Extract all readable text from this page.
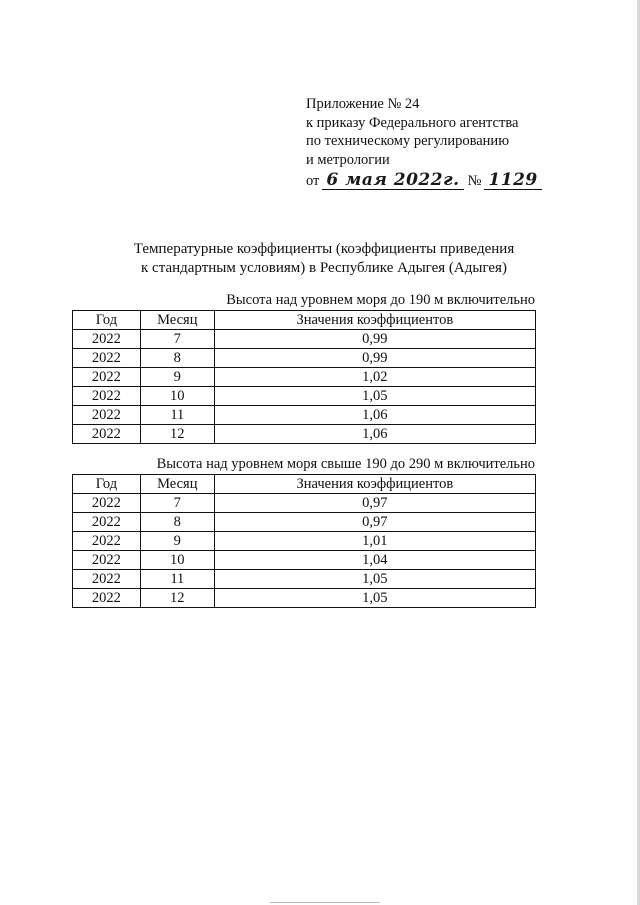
Приложение № 24
к приказу Федерального агентства
по техническому регулированию
и метрологии
от 6 мая 2022г. № 1129
Температурные коэффициенты (коэффициенты приведения
к стандартным условиям) в Республике Адыгея (Адыгея)
Высота над уровнем моря до 190 м включительно
Год	Месяц	Значения коэффициентов
2022	7	0,99
2022	8	0,99
2022	9	1,02
2022	10	1,05
2022	11	1,06
2022	12	1,06
Высота над уровнем моря свыше 190 до 290 м включительно
Год	Месяц	Значения коэффициентов
2022	7	0,97
2022	8	0,97
2022	9	1,01
2022	10	1,04
2022	11	1,05
2022	12	1,05
